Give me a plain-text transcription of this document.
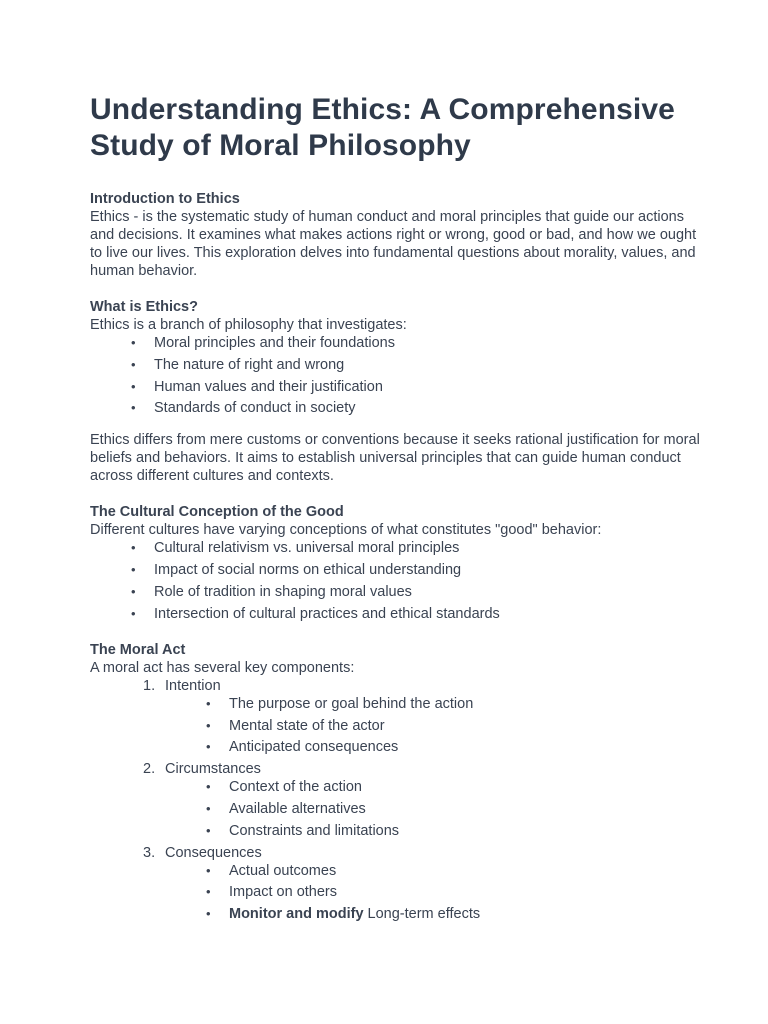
Understanding Ethics: A Comprehensive Study of Moral Philosophy
Introduction to Ethics

Ethics - is the systematic study of human conduct and moral principles that guide our actions and decisions. It examines what makes actions right or wrong, good or bad, and how we ought to live our lives. This exploration delves into fundamental questions about morality, values, and human behavior.

What is Ethics?

Ethics is a branch of philosophy that investigates:

• Moral principles and their foundations
• The nature of right and wrong
• Human values and their justification
• Standards of conduct in society

Ethics differs from mere customs or conventions because it seeks rational justification for moral beliefs and behaviors. It aims to establish universal principles that can guide human conduct across different cultures and contexts.

The Cultural Conception of the Good

Different cultures have varying conceptions of what constitutes "good" behavior:

• Cultural relativism vs. universal moral principles
• Impact of social norms on ethical understanding
• Role of tradition in shaping moral values
• Intersection of cultural practices and ethical standards
The Moral Act

A moral act has several key components:

1. Intention
• The purpose or goal behind the action
• Mental state of the actor
• Anticipated consequences
2. Circumstances
• Context of the action
• Available alternatives
• Constraints and limitations
3. Consequences
• Actual outcomes
• Impact on others
• Monitor and modify Long-term effects
